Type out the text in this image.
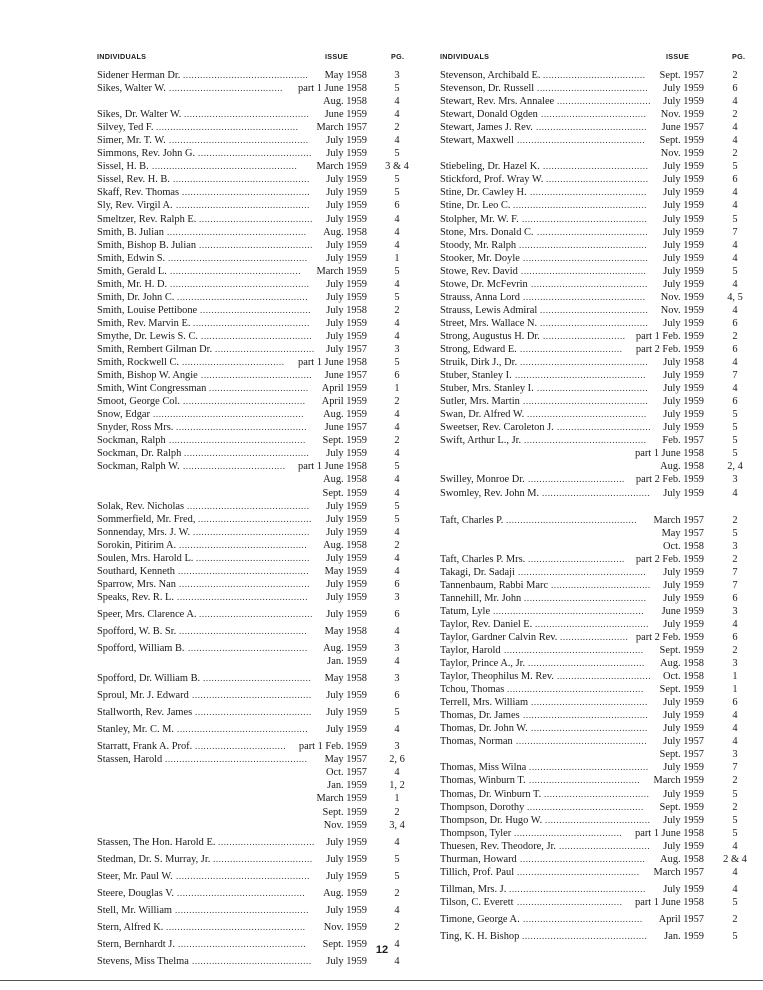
INDIVIDUALS	ISSUE	PG.
Sidener Herman Dr. ............................................	May 1958	3
Sikes, Walter W. ........................................	part 1 June 1958	5
Aug. 1958	4
Sikes, Dr. Walter W. ............................................	June 1959	4
Silvey, Ted F. ..................................................	March 1957	2
Simer, Mr. T. W. .................................................	July 1959	4
Simmons, Rev. John G. ........................................	July 1959	5
Sissel, H. B. ...................................................	March 1959 3 & 4
Sissel, Rev. H. B. ................................................	July 1959	5
Skaff, Rev. Thomas .............................................	July 1959	5
Sly, Rev. Virgil A. ...............................................	July 1959	6
Smeltzer, Rev. Ralph E. ........................................	July 1959	4
Smith, B. Julian .................................................	Aug. 1958	4
Smith, Bishop B. Julian ........................................	July 1959	4
Smith, Edwin S. .................................................	July 1959	1
Smith, Gerald L. ..............................................	March 1959	5
Smith, Mr. H. D. .................................................	July 1959	4
Smith, Dr. John C. ..............................................	July 1959	5
Smith, Louise Pettibone .......................................	July 1958	2
Smith, Rev. Marvin E. .........................................	July 1959	4
Smythe, Dr. Lewis S. C. .......................................	July 1959	4
Smith, Rembert Gilman Dr. ...................................	July 1957	3
Smith, Rockwell C. ....................................	part 1 June 1958	5
Smith, Bishop W. Angie .......................................	June 1957	6
Smith, Wint Congressman ...................................	April 1959	1
Smoot, George Col. ...........................................	April 1959	2
Snow, Edgar .....................................................	Aug. 1959	4
Snyder, Ross Mrs. ..............................................	June 1957	4
Sockman, Ralph ................................................	Sept. 1959	2
Sockman, Dr. Ralph ............................................	July 1959	4
Sockman, Ralph W. ....................................	part 1 June 1958	5
Aug. 1958	4
Sept. 1959	4
Solak, Rev. Nicholas ...........................................	July 1959	5
Sommerfield, Mr. Fred, ........................................	July 1959	5
Sonnenday, Mrs. J. W. .........................................	July 1959	4
Sorokin, Pitirim A. .............................................	Aug. 1958	2
Soulen, Mrs. Harold L. ........................................	July 1959	4
Southard, Kenneth ..............................................	May 1959	4
Sparrow, Mrs. Nan ..............................................	July 1959	6
Speaks, Rev. R. L. ..............................................	July 1959	3
Speer, Mrs. Clarence A. ........................................	July 1959	6
Spofford, W. B. Sr. .............................................	May 1958	4
Spofford, William B. ..........................................	Aug. 1959	3
Jan. 1959	4
Spofford, Dr. William B. ......................................	May 1958	3
Sproul, Mr. J. Edward ..........................................	July 1959	6
Stallworth, Rev. James .........................................	July 1959	5
Stanley, Mr. C. M. ..............................................	July 1959	4
Starratt, Frank A. Prof. ................................	part 1 Feb. 1959	3
Stassen, Harold ..................................................	May 1957	2, 6
Oct. 1957	4
Jan. 1959	1, 2
March 1959	1
Sept. 1959	2
Nov. 1959	3, 4
Stassen, The Hon. Harold E. ..................................	July 1959	4
Stedman, Dr. S. Murray, Jr. ...................................	July 1959	5
Steer, Mr. Paul W. ...............................................	July 1959	5
Steere, Douglas V. .............................................	Aug. 1959	2
Stell, Mr. William ...............................................	July 1959	4
Stern, Alfred K. .................................................	Nov. 1959	2
Stern, Bernhardt J. .............................................	Sept. 1959	4
Stevens, Miss Thelma ..........................................	July 1959	4
INDIVIDUALS	ISSUE	PG.
Stevenson, Archibald E. ....................................	Sept. 1957	2
Stevenson, Dr. Russell .......................................	July 1959	6
Stewart, Rev. Mrs. Annalee .................................	July 1959	4
Stewart, Donald Ogden .....................................	Nov. 1959	2
Stewart, James J. Rev. .......................................	June 1957	4
Stewart, Maxwell .............................................	Sept. 1959	4
Nov. 1959	2
Stiebeling, Dr. Hazel K. .....................................	July 1959	5
Stickford, Prof. Wray W. ....................................	July 1959	6
Stine, Dr. Cawley H. .........................................	July 1959	4
Stine, Dr. Leo C. ...............................................	July 1959	4
Stolpher, Mr. W. F. ............................................	July 1959	5
Stone, Mrs. Donald C. .......................................	July 1959	7
Stoody, Mr. Ralph .............................................	July 1959	4
Stooker, Mr. Doyle ............................................	July 1959	4
Stowe, Rev. David ............................................	July 1959	5
Stowe, Dr. McFevrin .........................................	July 1959	4
Strauss, Anna Lord ...........................................	Nov. 1959	4, 5
Strauss, Lewis Admiral ......................................	Nov. 1959	4
Street, Mrs. Wallace N. ......................................	July 1959	6
Strong, Augustus H. Dr. ............................. part 1 Feb. 1959	2
Strong, Edward E. ....................................	part 2 Feb. 1959	6
Struik, Dirk J., Dr. .............................................	July 1958	4
Stuber, Stanley I. ..............................................	July 1959	7
Stuber, Mrs. Stanley I. .......................................	July 1959	4
Sutler, Mrs. Martin ............................................	July 1959	6
Swan, Dr. Alfred W. ..........................................	July 1959	5
Sweetser, Rev. Caroleton J. .................................	July 1959	5
Swift, Arthur L., Jr. ...........................................	Feb. 1957	5
part 1 June 1958	5
Aug. 1958	2, 4
Swilley, Monroe Dr. ..................................	part 2 Feb. 1959	3
Swomley, Rev. John M. ......................................	July 1959	4
Taft, Charles P. ..............................................	March 1957	2
May 1957	5
Oct. 1958	3
Taft, Charles P. Mrs. ..................................	part 2 Feb. 1959	2
Takagi, Dr. Sadaji .............................................	July 1959	7
Tannenbaum, Rabbi Marc ...................................	July 1959	7
Tannehill, Mr. John ...........................................	July 1959	6
Tatum, Lyle .....................................................	June 1959	3
Taylor, Rev. Daniel E. ........................................	July 1959	4
Taylor, Gardner Calvin Rev. ........................ part 2 Feb. 1959	6
Taylor, Harold .................................................	Sept. 1959	2
Taylor, Prince A., Jr. .........................................	Aug. 1958	3
Taylor, Theophilus M. Rev. .................................	Oct. 1958	1
Tchou, Thomas ................................................	Sept. 1959	1
Terrell, Mrs. William .........................................	July 1959	6
Thomas, Dr. James ............................................	July 1959	4
Thomas, Dr. John W. .........................................	July 1959	4
Thomas, Norman ..............................................	July 1957	4
Sept. 1957	3
Thomas, Miss Wilna ..........................................	July 1959	7
Thomas, Winburn T. .......................................	March 1959	2
Thomas, Dr. Winburn T. .....................................	July 1959	5
Thompson, Dorothy .........................................	Sept. 1959	2
Thompson, Dr. Hugo W. .....................................	July 1959	5
Thompson, Tyler ......................................	part 1 June 1958	5
Thuesen, Rev. Theodore, Jr. ................................	July 1959	4
Thurman, Howard ............................................	Aug. 1958 2 & 4
Tillich, Prof. Paul ...........................................	March 1957	4
Tillman, Mrs. J. ................................................	July 1959	4
Tilson, C. Everett .....................................	part 1 June 1958	5
Timone, George A. ..........................................	April 1957	2
Ting, K. H. Bishop ............................................	Jan. 1959	5
12
